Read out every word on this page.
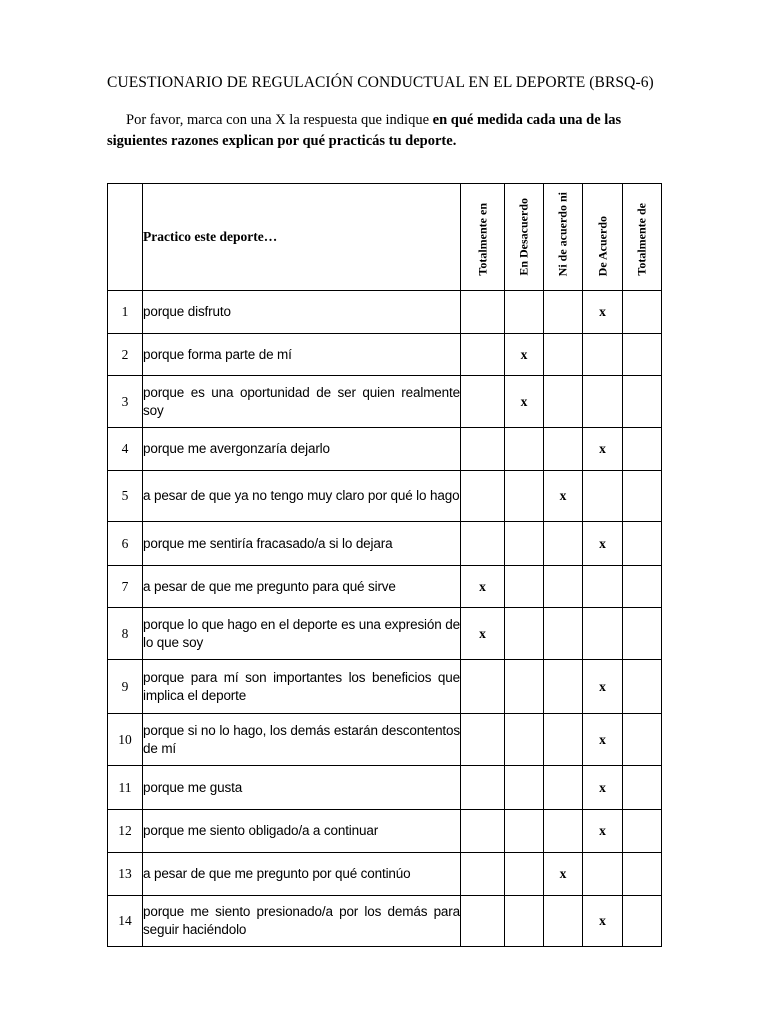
CUESTIONARIO DE REGULACIÓN CONDUCTUAL EN EL DEPORTE (BRSQ-6)
Por favor, marca con una X la respuesta que indique en qué medida cada una de las siguientes razones explican por qué practicás tu deporte.
	Practico este deporte…	Totalmente en	En Desacuerdo	Ni de acuerdo ni	De Acuerdo	Totalmente de

1	porque disfruto				x	
2	porque forma parte de mí		x			
3	porque es una oportunidad de ser quien realmente soy		x			
4	porque me avergonzaría dejarlo				x	
5	a pesar de que ya no tengo muy claro por qué lo hago			x		
6	porque me sentiría fracasado/a si lo dejara				x	
7	a pesar de que me pregunto para qué sirve	x				
8	porque lo que hago en el deporte es una expresión de lo que soy	x				
9	porque para mí son importantes los beneficios que implica el deporte				x	
10	porque si no lo hago, los demás estarán descontentos de mí				x	
11	porque me gusta				x	
12	porque me siento obligado/a a continuar				x	
13	a pesar de que me pregunto por qué continúo			x		
14	porque me siento presionado/a por los demás para seguir haciéndolo				x	
